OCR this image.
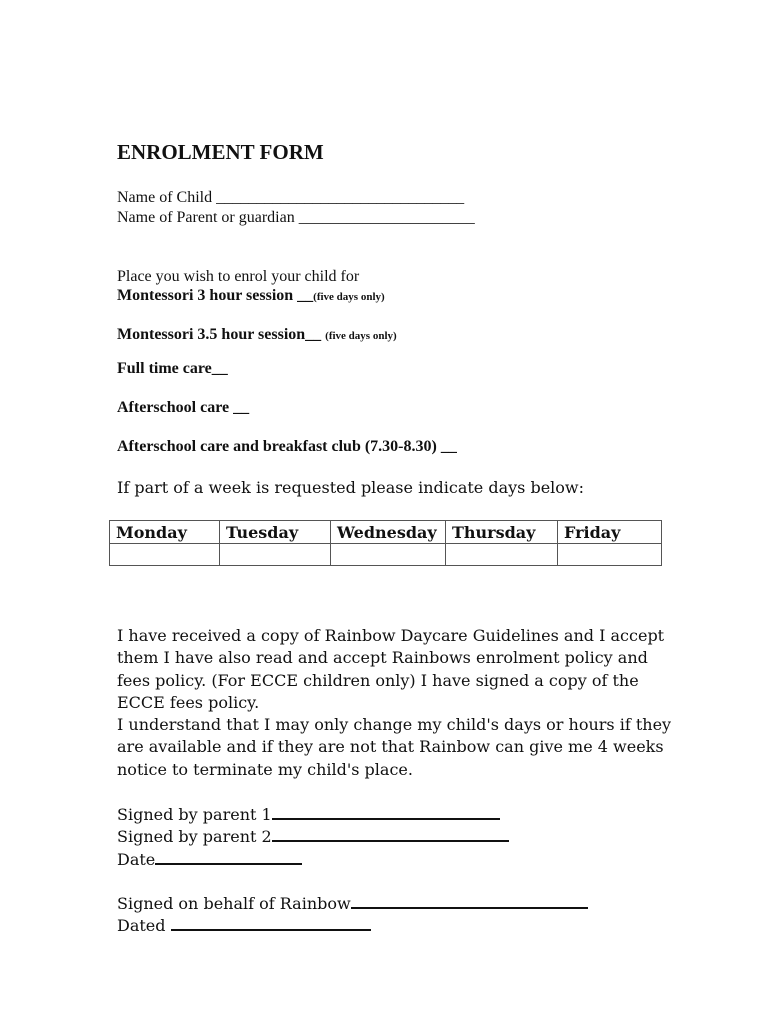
ENROLMENT FORM
Name of Child _______________________________
Name of Parent or guardian ______________________
Place you wish to enrol your child for
Montessori 3 hour session __(five days only)
Montessori 3.5 hour session__ (five days only)
Full time care__
Afterschool care __
Afterschool care and breakfast club (7.30-8.30) __
If part of a week is requested please indicate days below:
Monday	Tuesday	Wednesday	Thursday	Friday

I have received a copy of Rainbow Daycare Guidelines and I accept them I have also read and accept Rainbows enrolment policy and fees policy. (For ECCE children only) I have signed a copy of the ECCE fees policy.
I understand that I may only change my child's days or hours if they are available and if they are not that Rainbow can give me 4 weeks notice to terminate my child's place.
Signed by parent 1
Signed by parent 2
Date
Signed on behalf of Rainbow
Dated
